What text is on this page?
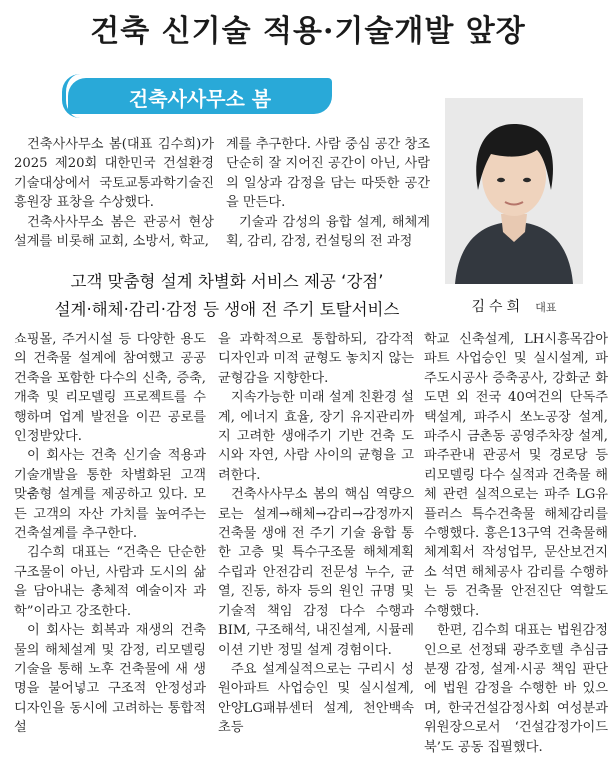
건축 신기술 적용·기술개발 앞장
건축사사무소 봄

건축사사무소 봄(대표 김수희)가 2025 제20회 대한민국 건설환경기술대상에서 국토교통과학기술진흥원장 표창을 수상했다.

건축사사무소 봄은 관공서 현상설계를 비롯해 교회, 소방서, 학교,

계를 추구한다. 사람 중심 공간 창조 단순히 잘 지어진 공간이 아닌, 사람의 일상과 감정을 담는 따뜻한 공간을 만든다.

기술과 감성의 융합 설계, 해체계획, 감리, 감정, 컨설팅의 전 과정

고객 맞춤형 설계 차별화 서비스 제공 ‘강점’
설계·해체·감리·감정 등 생애 전 주기 토탈서비스	김수희 대표

쇼핑몰, 주거시설 등 다양한 용도의 건축물 설계에 참여했고 공공건축을 포함한 다수의 신축, 증축, 개축 및 리모델링 프로젝트를 수행하며 업계 발전을 이끈 공로를 인정받았다.

이 회사는 건축 신기술 적용과 기술개발을 통한 차별화된 고객 맞춤형 설계를 제공하고 있다. 모든 고객의 자산 가치를 높여주는 건축설계를 추구한다.

김수희 대표는 “건축은 단순한 구조물이 아닌, 사람과 도시의 삶을 담아내는 총체적 예술이자 과학”이라고 강조한다.

이 회사는 회복과 재생의 건축물의 해체설계 및 감정, 리모델링 기술을 통해 노후 건축물에 새 생명을 불어넣고 구조적 안정성과 디자인을 동시에 고려하는 통합적 설

을 과학적으로 통합하되, 감각적 디자인과 미적 균형도 놓치지 않는 균형감을 지향한다.

지속가능한 미래 설계 친환경 설계, 에너지 효율, 장기 유지관리까지 고려한 생애주기 기반 건축 도시와 자연, 사람 사이의 균형을 고려한다.

건축사사무소 봄의 핵심 역량으로는 설계→해체→감리→감정까지 건축물 생애 전 주기 기술 융합 통한 고층 및 특수구조물 해체계획 수립과 안전감리 전문성 누수, 균열, 진동, 하자 등의 원인 규명 및 기술적 책임 감정 다수 수행과 BIM, 구조해석, 내진설계, 시뮬레이션 기반 정밀 설계 경험이다.

주요 설계실적으로는 구리시 성원아파트 사업승인 및 실시설계, 안양LG패뷰센터 설계, 천안백속초등

학교 신축설계, LH시흥목감아파트 사업승인 및 실시설계, 파주도시공사 증축공사, 강화군 화도면 외 전국 40여건의 단독주택설계, 파주시 쏘노공장 설계, 파주시 금촌동 공영주차장 설계, 파주관내 관공서 및 경로당 등 리모델링 다수 실적과 건축물 해체 관련 실적으로는 파주 LG유플러스 특수건축물 해체감리를 수행했다. 흥은13구역 건축물해체계획서 작성업무, 문산보건지소 석면 해체공사 감리를 수행하는 등 건축물 안전진단 역할도 수행했다.

한편, 김수희 대표는 법원감정인으로 선정돼 광주호텔 추심금 분쟁 감정, 설계·시공 책임 판단에 법원 감정을 수행한 바 있으며, 한국건설감정사회 여성분과 위원장으로서 ‘건설감정가이드 북’도 공동 집필했다.
